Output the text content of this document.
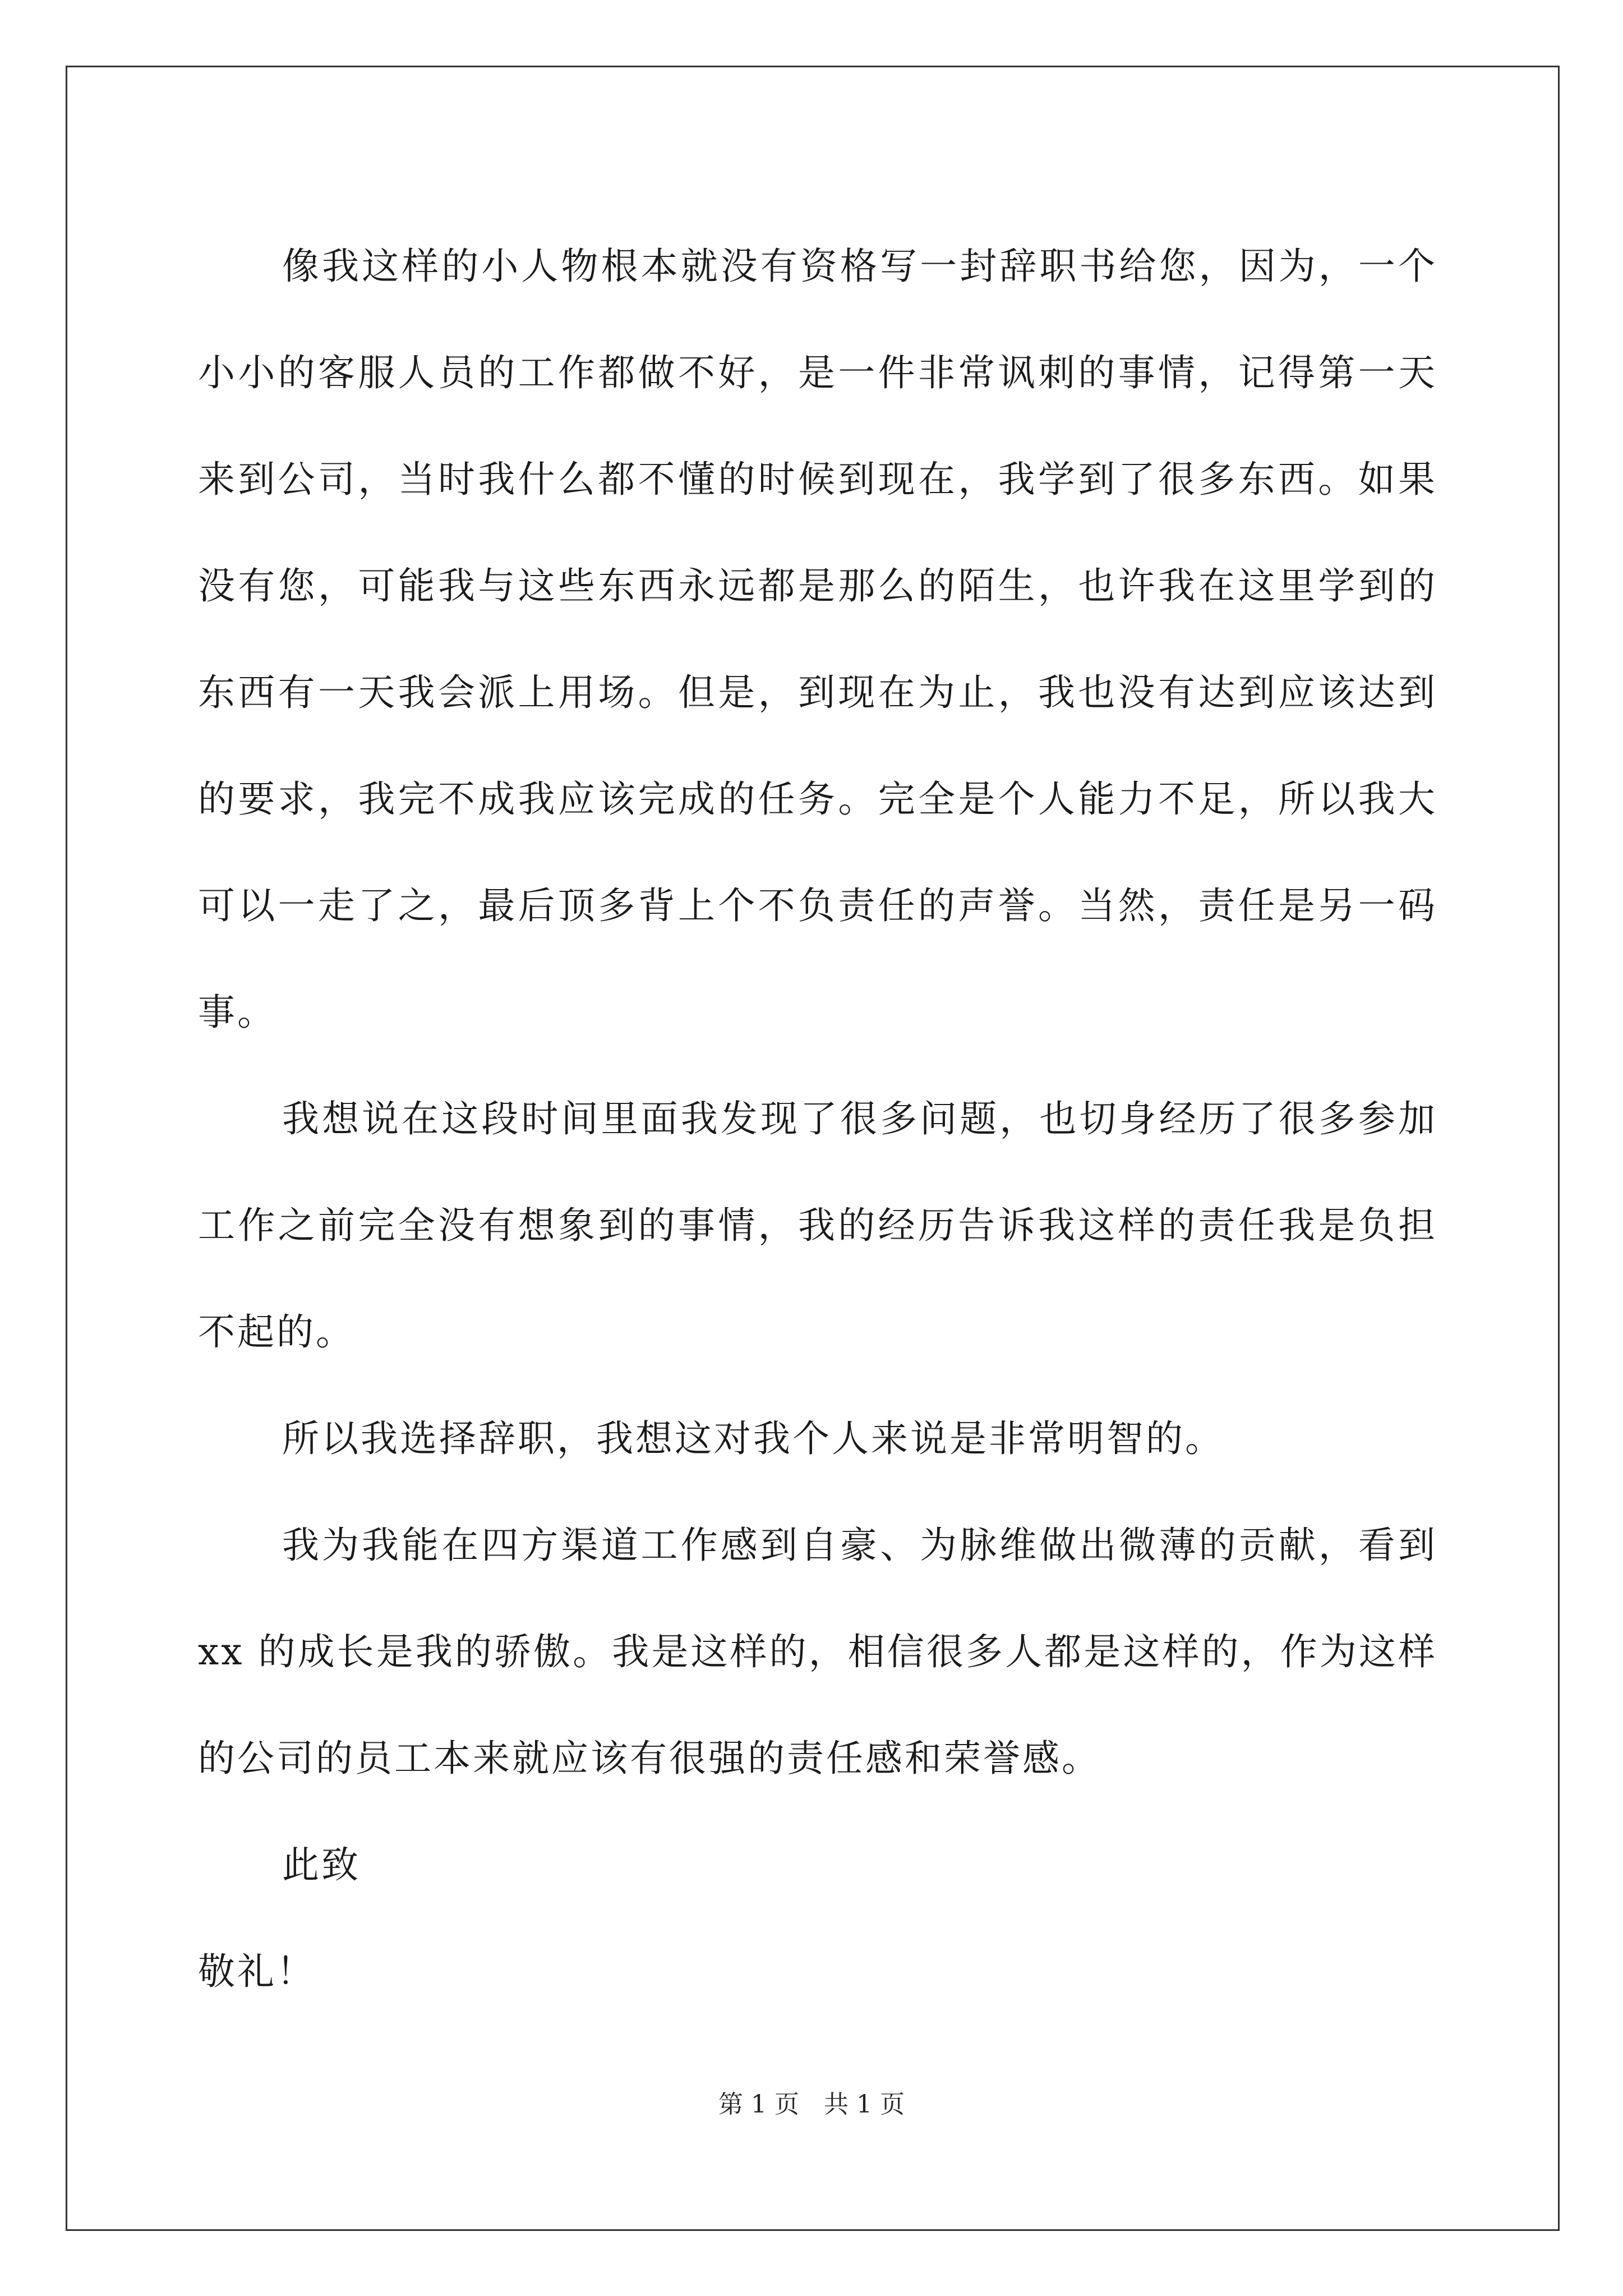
像我这样的小人物根本就没有资格写一封辞职书给您，因为，一个小小的客服人员的工作都做不好，是一件非常讽刺的事情，记得第一天来到公司，当时我什么都不懂的时候到现在，我学到了很多东西。如果没有您，可能我与这些东西永远都是那么的陌生，也许我在这里学到的东西有一天我会派上用场。但是，到现在为止，我也没有达到应该达到的要求，我完不成我应该完成的任务。完全是个人能力不足，所以我大可以一走了之，最后顶多背上个不负责任的声誉。当然，责任是另一码事。

我想说在这段时间里面我发现了很多问题，也切身经历了很多参加工作之前完全没有想象到的事情，我的经历告诉我这样的责任我是负担不起的。

所以我选择辞职，我想这对我个人来说是非常明智的。

我为我能在四方渠道工作感到自豪、为脉维做出微薄的贡献，看到 xx 的成长是我的骄傲。我是这样的，相信很多人都是这样的，作为这样的公司的员工本来就应该有很强的责任感和荣誉感。

此致

敬礼！

第 1 页　共 1 页
